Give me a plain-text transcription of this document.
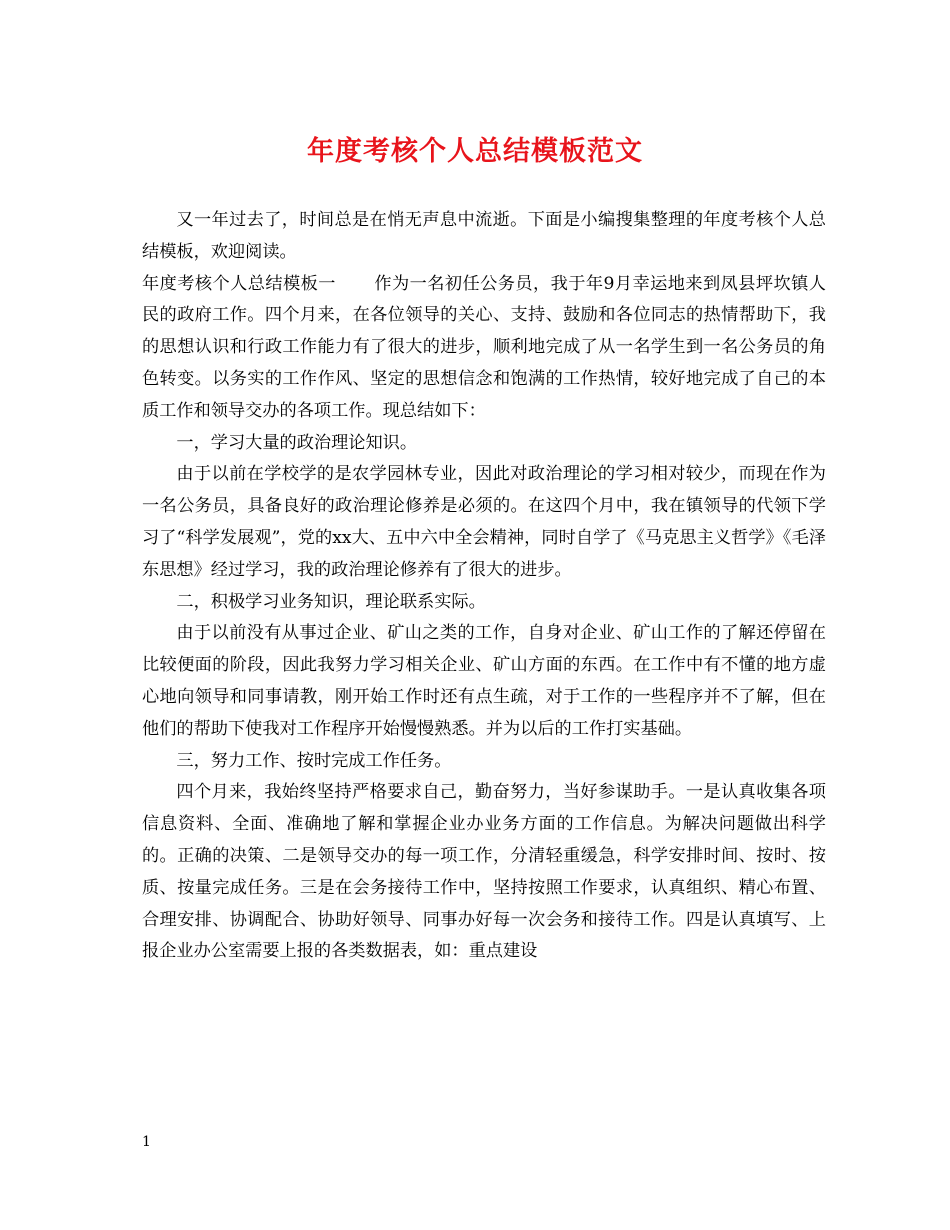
年度考核个人总结模板范文

又一年过去了，时间总是在悄无声息中流逝。下面是小编搜集整理的年度考核个人总结模板，欢迎阅读。

年度考核个人总结模板一 作为一名初任公务员，我于年9月幸运地来到凤县坪坎镇人民的政府工作。四个月来，在各位领导的关心、支持、鼓励和各位同志的热情帮助下，我的思想认识和行政工作能力有了很大的进步，顺利地完成了从一名学生到一名公务员的角色转变。以务实的工作作风、坚定的思想信念和饱满的工作热情，较好地完成了自己的本质工作和领导交办的各项工作。现总结如下：

一，学习大量的政治理论知识。

由于以前在学校学的是农学园林专业，因此对政治理论的学习相对较少，而现在作为一名公务员，具备良好的政治理论修养是必须的。在这四个月中，我在镇领导的代领下学习了“科学发展观”，党的xx大、五中六中全会精神，同时自学了《马克思主义哲学》《毛泽东思想》经过学习，我的政治理论修养有了很大的进步。

二，积极学习业务知识，理论联系实际。

由于以前没有从事过企业、矿山之类的工作，自身对企业、矿山工作的了解还停留在比较便面的阶段，因此我努力学习相关企业、矿山方面的东西。在工作中有不懂的地方虚心地向领导和同事请教，刚开始工作时还有点生疏，对于工作的一些程序并不了解，但在他们的帮助下使我对工作程序开始慢慢熟悉。并为以后的工作打实基础。

三，努力工作、按时完成工作任务。

四个月来，我始终坚持严格要求自己，勤奋努力，当好参谋助手。一是认真收集各项信息资料、全面、准确地了解和掌握企业办业务方面的工作信息。为解决问题做出科学的。正确的决策、二是领导交办的每一项工作，分清轻重缓急，科学安排时间、按时、按质、按量完成任务。三是在会务接待工作中，坚持按照工作要求，认真组织、精心布置、合理安排、协调配合、协助好领导、同事办好每一次会务和接待工作。四是认真填写、上报企业办公室需要上报的各类数据表，如：重点建设

1
